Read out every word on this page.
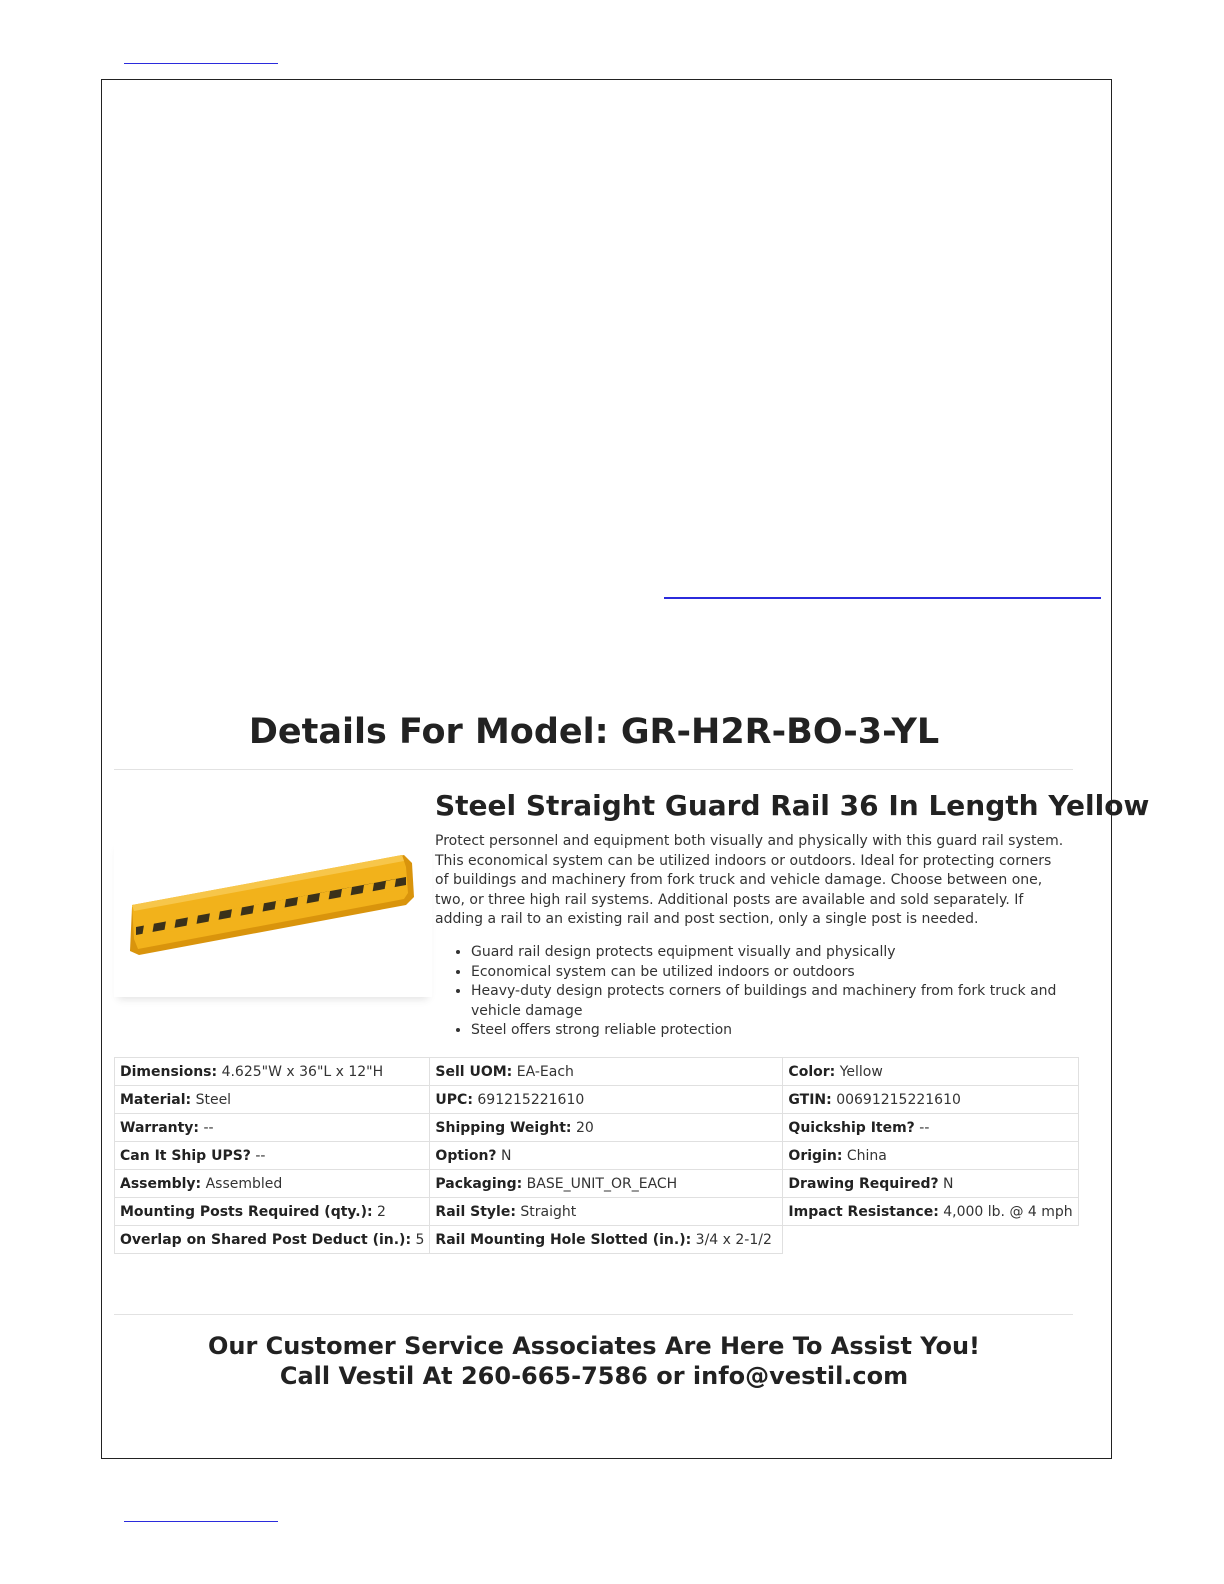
Details For Model: GR-H2R-BO-3-YL
Steel Straight Guard Rail 36 In Length Yellow

Protect personnel and equipment both visually and physically with this guard rail system. This economical system can be utilized indoors or outdoors. Ideal for protecting corners of buildings and machinery from fork truck and vehicle damage. Choose between one, two, or three high rail systems. Additional posts are available and sold separately. If adding a rail to an existing rail and post section, only a single post is needed.

• Guard rail design protects equipment visually and physically
• Economical system can be utilized indoors or outdoors
• Heavy-duty design protects corners of buildings and machinery from fork truck and vehicle damage
• Steel offers strong reliable protection
Dimensions: 4.625"W x 36"L x 12"H	Sell UOM: EA-Each	Color: Yellow
Material: Steel	UPC: 691215221610	GTIN: 00691215221610
Warranty: --	Shipping Weight: 20	Quickship Item? --
Can It Ship UPS? --	Option? N	Origin: China
Assembly: Assembled	Packaging: BASE_UNIT_OR_EACH	Drawing Required? N
Mounting Posts Required (qty.): 2	Rail Style: Straight	Impact Resistance: 4,000 lb. @ 4 mph
Overlap on Shared Post Deduct (in.): 5	Rail Mounting Hole Slotted (in.): 3/4 x 2-1/2	
Our Customer Service Associates Are Here To Assist You!
Call Vestil At 260-665-7586 or info@vestil.com
